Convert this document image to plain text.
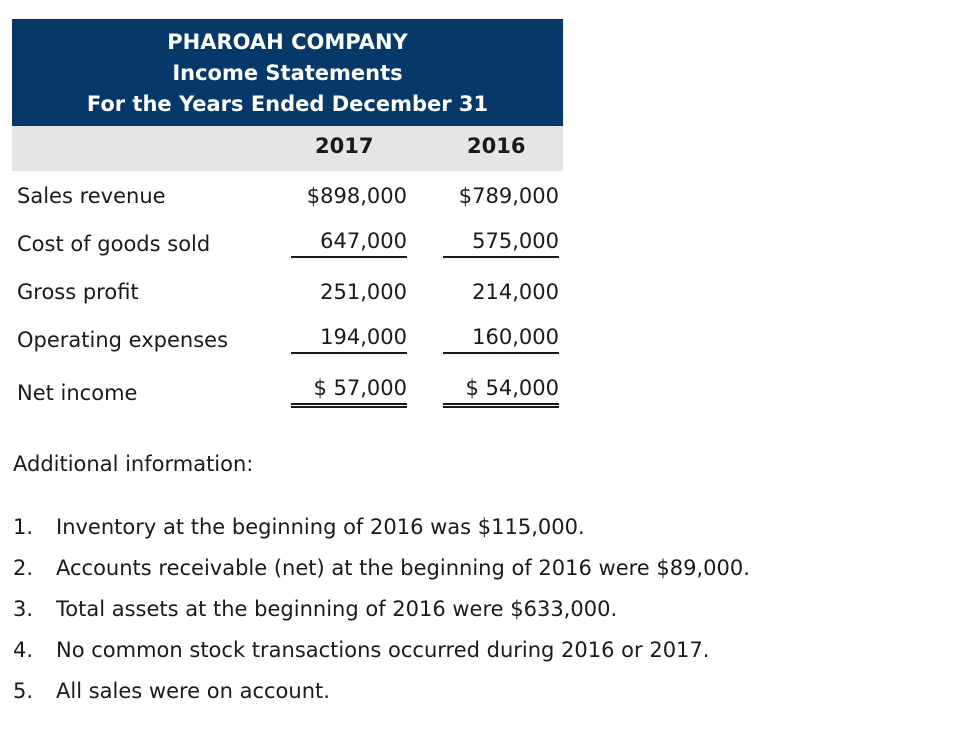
PHAROAH COMPANY
Income Statements
For the Years Ended December 31
2017	2016
Sales revenue	$898,000	$789,000
Cost of goods sold	647,000	575,000
Gross profit	251,000	214,000
Operating expenses	194,000	160,000
Net income	$ 57,000	$ 54,000
Additional information:
1. Inventory at the beginning of 2016 was $115,000.
2. Accounts receivable (net) at the beginning of 2016 were $89,000.
3. Total assets at the beginning of 2016 were $633,000.
4. No common stock transactions occurred during 2016 or 2017.
5. All sales were on account.
